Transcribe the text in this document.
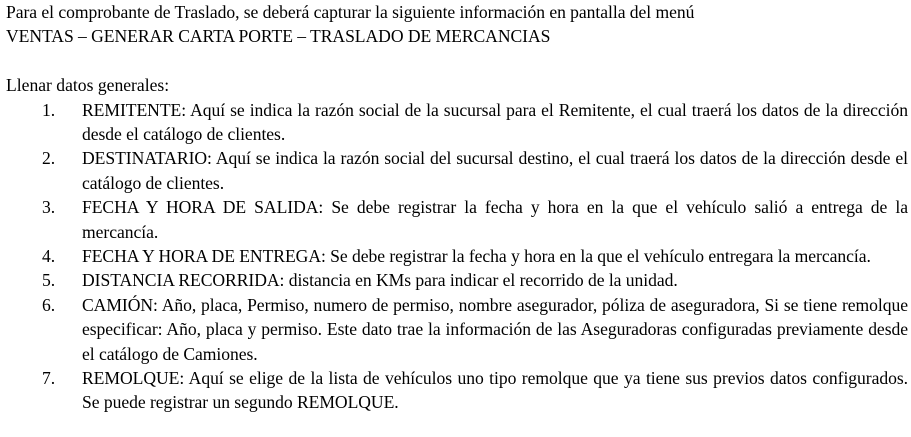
Para el comprobante de Traslado, se deberá capturar la siguiente información en pantalla del menú
VENTAS – GENERAR CARTA PORTE – TRASLADO DE MERCANCIAS

Llenar datos generales:

1. REMITENTE: Aquí se indica la razón social de la sucursal para el Remitente, el cual traerá los datos de la dirección desde el catálogo de clientes.
2. DESTINATARIO: Aquí se indica la razón social del sucursal destino, el cual traerá los datos de la dirección desde el catálogo de clientes.
3. FECHA Y HORA DE SALIDA: Se debe registrar la fecha y hora en la que el vehículo salió a entrega de la mercancía.
4. FECHA Y HORA DE ENTREGA: Se debe registrar la fecha y hora en la que el vehículo entregara la mercancía.
5. DISTANCIA RECORRIDA: distancia en KMs para indicar el recorrido de la unidad.
6. CAMIÓN: Año, placa, Permiso, numero de permiso, nombre asegurador, póliza de aseguradora, Si se tiene remolque especificar: Año, placa y permiso. Este dato trae la información de las Aseguradoras configuradas previamente desde el catálogo de Camiones.
7. REMOLQUE: Aquí se elige de la lista de vehículos uno tipo remolque que ya tiene sus previos datos configurados. Se puede registrar un segundo REMOLQUE.
